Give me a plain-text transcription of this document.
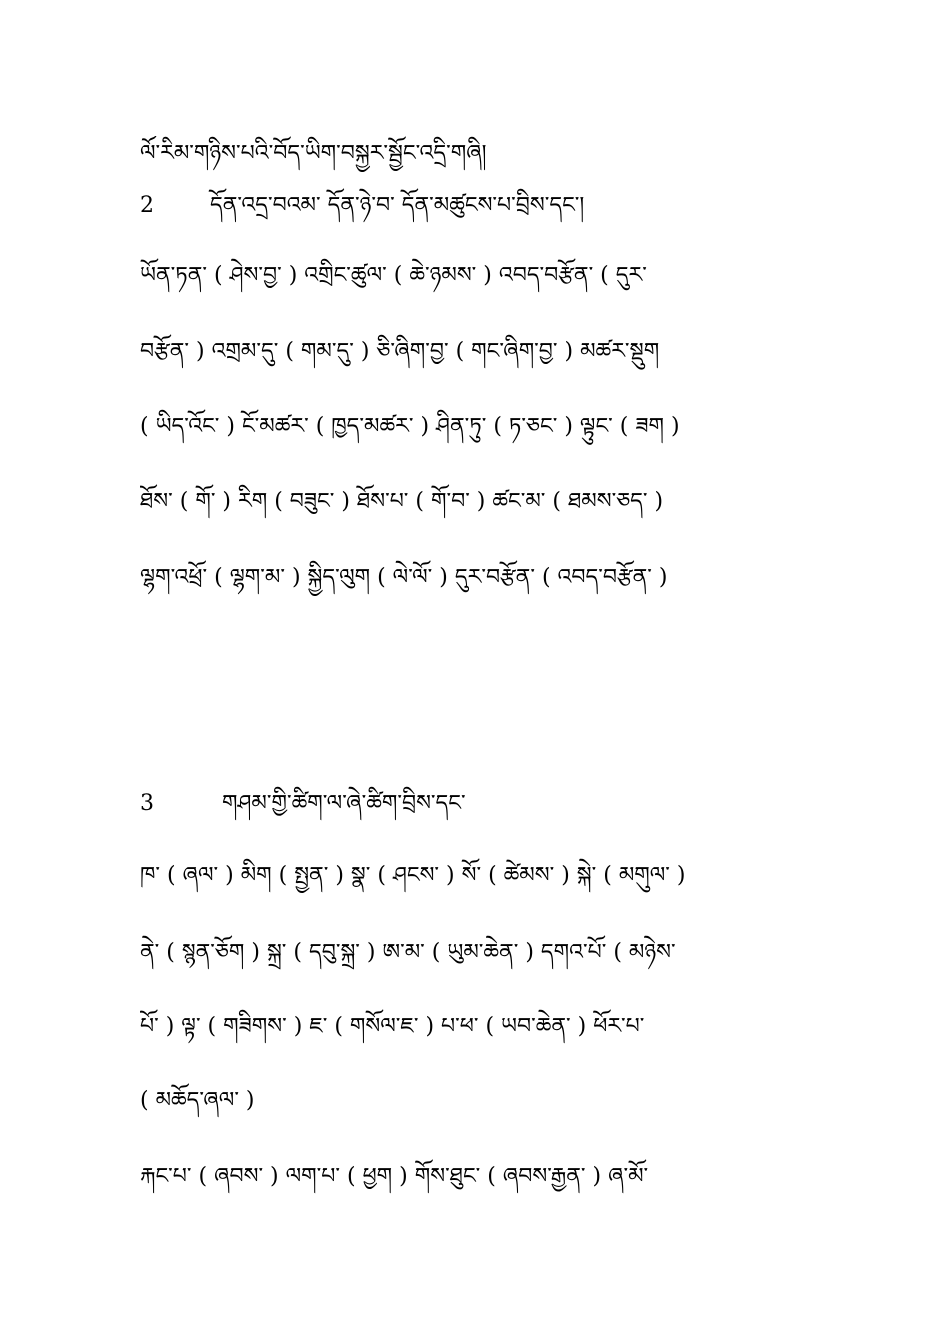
ལོ་རིམ་གཉིས་པའི་བོད་ཡིག་བསྐྱར་སྦྱོང་འདྲི་གཞི།
2	དོན་འདྲ་བའམ་ དོན་ཉེ་བ་ དོན་མཚུངས་པ་བྲིས་དང་།
ཡོན་ཏན་ ( ཤེས་བྱ་ ) འགྲིང་ཚུལ་ ( ཆེ་ཉམས་ ) འབད་བརྩོན་ ( དུར་
བརྩོན་ ) འགྲམ་དུ་ ( གམ་དུ་ ) ཅི་ཞིག་བྱ་ ( གང་ཞིག་བྱ་ ) མཚར་སྡུག
( ཡིད་འོང་ ) ངོ་མཚར་ ( ཁྱད་མཚར་ ) ཤིན་ཏུ་ ( ཏ་ཅང་ ) ལྟུང་ ( ཟག )
ཐོས་ ( གོ་ ) རིག ( བཟུང་ ) ཐོས་པ་ ( གོ་བ་ ) ཚང་མ་ ( ཐམས་ཅད་ )
ལྷག་འཕྲོ་ ( ལྷག་མ་ ) སྐྱིད་ལུག ( ལེ་ལོ་ ) དུར་བརྩོན་ ( འབད་བརྩོན་ )
3	གཤམ་གྱི་ཚིག་ལ་ཞེ་ཚིག་བྲིས་དང་
ཁ་ ( ཞལ་ ) མིག ( སྤྱན་ ) སྣ་ ( ཤངས་ ) སོ་ ( ཚེམས་ ) སྐེ་ ( མགུལ་ )
ནེ་ ( སྙན་ཅོག ) སྐྲ་ ( དབུ་སྐྲ་ ) ཨ་མ་ ( ཡུམ་ཆེན་ ) དགའ་པོ་ ( མཉེས་
པོ་ ) ལྟ་ ( གཟིགས་ ) ཇ་ ( གསོལ་ཇ་ ) པ་ཕ་ ( ཡབ་ཆེན་ ) ཕོར་པ་
( མཆོད་ཞལ་ )
རྐང་པ་ ( ཞབས་ ) ལག་པ་ ( ཕྱག ) གོས་ཐུང་ ( ཞབས་རྒྱན་ ) ཞ་མོ་
